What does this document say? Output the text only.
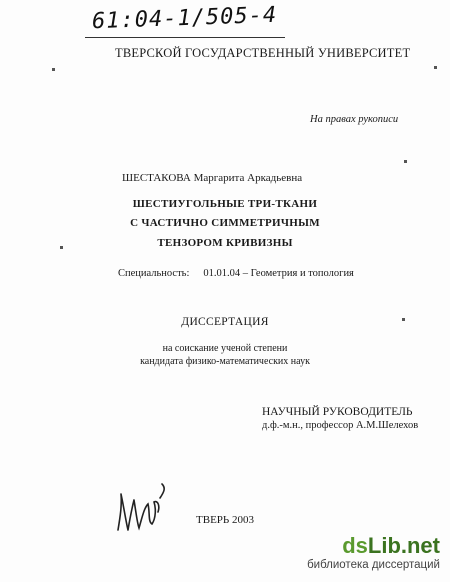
61:04-1/505-4
ТВЕРСКОЙ ГОСУДАРСТВЕННЫЙ УНИВЕРСИТЕТ
На правах рукописи
ШЕСТАКОВА Маргарита Аркадьевна
ШЕСТИУГОЛЬНЫЕ ТРИ-ТКАНИ
С ЧАСТИЧНО СИММЕТРИЧНЫМ
ТЕНЗОРОМ КРИВИЗНЫ
Специальность: 01.01.04 – Геометрия и топология
ДИССЕРТАЦИЯ
на соискание ученой степени
кандидата физико-математических наук
НАУЧНЫЙ РУКОВОДИТЕЛЬ
д.ф.-м.н., профессор А.М.Шелехов
ТВЕРЬ 2003
dsLib.net
библиотека диссертаций
